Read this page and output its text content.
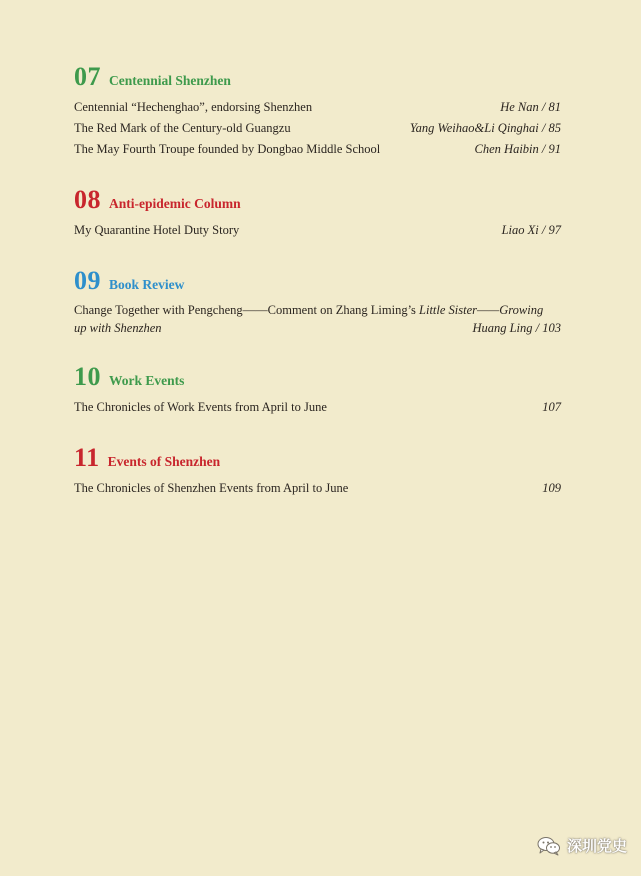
07 Centennial Shenzhen
Centennial “Hechenghao”, endorsing Shenzhen	He Nan / 81
The Red Mark of the Century-old Guangzu	Yang Weihao&Li Qinghai / 85
The May Fourth Troupe founded by Dongbao Middle School	Chen Haibin / 91
08 Anti-epidemic Column
My Quarantine Hotel Duty Story	Liao Xi / 97
09 Book Review
Change Together with Pengcheng——Comment on Zhang Liming’s Little Sister——Growing
up with Shenzhen	Huang Ling / 103
10 Work Events
The Chronicles of Work Events from April to June	107
11 Events of Shenzhen
The Chronicles of Shenzhen Events from April to June	109
深圳党史
